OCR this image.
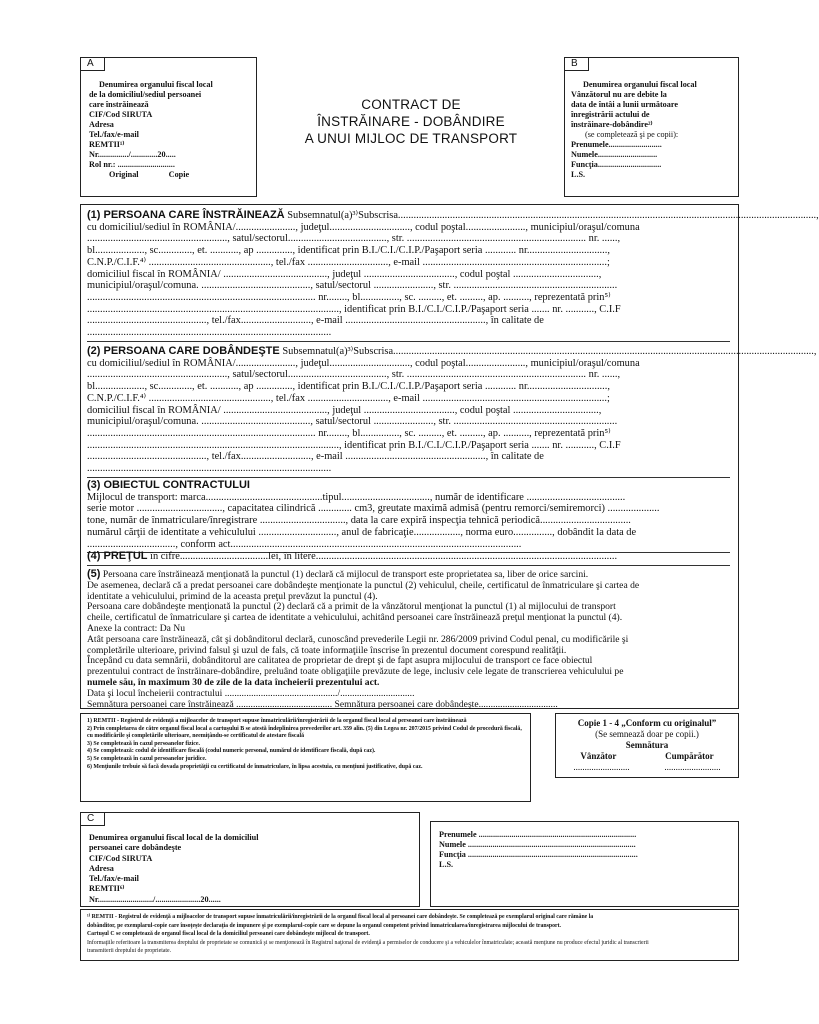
A
Denumirea organului fiscal local
de la domiciliul/sediul persoanei
care înstrăinează
CIF/Cod SIRUTA
Adresa
Tel./fax/e-mail
REMTII¹⁾
Nr.............../.............20.....
Rol nr.: ............................
Original	Copie
CONTRACT DE
ÎNSTRĂINARE - DOBÂNDIRE
A UNUI MIJLOC DE TRANSPORT
B
Denumirea organului fiscal local
Vânzătorul nu are debite la
data de întâi a lunii următoare
înregistrării actului de
înstrăinare-dobândire²⁾
(se completează şi pe copii):
Prenumele..........................
Numele.............................
Funcţia...............................
L.S.
(1) PERSOANA CARE ÎNSTRĂINEAZĂ Subsemnatul(a)³⁾Subscrisa.................................................................................................................................................................,
cu domiciliul/sediul în ROMÂNIA/......................., judeţul..............................., codul poştal......................., municipiul/oraşul/comuna
......................................................, satul/sectorul......................................, str. ..................................................................... nr. ......,
bl..................., sc............., et. ..........., ap .............., identificat prin B.I./C.I./C.I.P./Paşaport seria ............ nr...............................,
C.N.P./C.I.F.⁴⁾ ..............................................., tel./fax ..............................., e-mail .......................................................................;
domiciliul fiscal în ROMÂNIA/ ........................................, judeţul ..................................., codul poştal .................................,
municipiul/oraşul/comuna. .........................................., satul/sectorul ......................., str. ...............................................................
........................................................................................ nr........, bl..............., sc. ........., et. ........., ap. .........., reprezentată prin⁵⁾
................................................................................................., identificat prin B.I./C.I./C.I.P./Paşaport seria ....... nr. ..........., C.I.F
.............................................., tel./fax..........................., e-mail ......................................................, în calitate de
..............................................................................................
(2) PERSOANA CARE DOBÂNDEŞTE Subsemnatul(a)³⁾Subscrisa..................................................................................................................................................................,
cu domiciliul/sediul în ROMÂNIA/......................., judeţul..............................., codul poştal......................., municipiul/oraşul/comuna
......................................................, satul/sectorul......................................, str. ..................................................................... nr. ......,
bl..................., sc............., et. ..........., ap .............., identificat prin B.I./C.I./C.I.P./Paşaport seria ............ nr...............................,
C.N.P./C.I.F.⁴⁾ ..............................................., tel./fax ..............................., e-mail .......................................................................;
domiciliul fiscal în ROMÂNIA/ ........................................, judeţul ..................................., codul poştal .................................,
municipiul/oraşul/comuna. .........................................., satul/sectorul ......................., str. ...............................................................
........................................................................................ nr........, bl..............., sc. ........., et. ........., ap. .........., reprezentată prin⁵⁾
................................................................................................., identificat prin B.I./C.I./C.I.P./Paşaport seria ....... nr. ..........., C.I.F
.............................................., tel./fax..........................., e-mail ......................................................, în calitate de
..............................................................................................
(3) OBIECTUL CONTRACTULUI
Mijlocul de transport: marca.............................................tipul.................................., număr de identificare ......................................
serie motor ................................., capacitatea cilindrică ............. cm3, greutate maximă admisă (pentru remorci/semiremorci) ....................
tone, număr de înmatriculare/înregistrare ................................., data la care expiră inspecţia tehnică periodică...................................
numărul cărţii de identitate a vehiculului .............................., anul de fabricaţie.................., norma euro..............., dobândit la data de
.................................., conform act................................................................................................................
(4) PREŢUL în cifre..................................lei, în litere....................................................................................................................
(5) Persoana care înstrăinează menţionată la punctul (1) declară că mijlocul de transport este proprietatea sa, liber de orice sarcini.
De asemenea, declară că a predat persoanei care dobândeşte menţionate la punctul (2) vehiculul, cheile, certificatul de înmatriculare şi cartea de
identitate a vehiculului, primind de la aceasta preţul prevăzut la punctul (4).
Persoana care dobândeşte menţionată la punctul (2) declară că a primit de la vânzătorul menţionat la punctul (1) al mijlocului de transport
cheile, certificatul de înmatriculare şi cartea de identitate a vehiculului, achitând persoanei care înstrăinează preţul menţionat la punctul (4).
Anexe la contract: Da Nu
Atât persoana care înstrăinează, cât şi dobânditorul declară, cunoscând prevederile Legii nr. 286/2009 privind Codul penal, cu modificările şi
completările ulterioare, privind falsul şi uzul de fals, că toate informaţiile înscrise în prezentul document corespund realităţii.
Începând cu data semnării, dobânditorul are calitatea de proprietar de drept şi de fapt asupra mijlocului de transport ce face obiectul
prezentului contract de înstrăinare-dobândire, preluând toate obligaţiile prevăzute de lege, inclusiv cele legate de transcrierea vehiculului pe
numele său, în maximum 30 de zile de la data încheierii prezentului act.
Data şi locul încheierii contractului .............................................../...............................
Semnătura persoanei care înstrăinează ........................................ Semnătura persoanei care dobândeşte.................................
1) REMTII - Registrul de evidenţă a mijloacelor de transport supuse înmatriculării/înregistrării de la organul fiscal local al persoanei care înstrăinează
2) Prin completarea de către organul fiscal local a cartuşului B se atestă îndeplinirea prevederilor art. 359 alin. (5) din Legea nr. 207/2015 privind Codul de procedură fiscală, cu modificările şi completările ulterioare, neemiţându-se certificatul de atestare fiscală
3) Se completează în cazul persoanelor fizice.
4) Se completează: codul de identificare fiscală (codul numeric personal, numărul de identificare fiscală, după caz).
5) Se completează în cazul persoanelor juridice.
6) Menţiunile trebuie să facă dovada proprietăţii cu certificatul de înmatriculare, în lipsa acestuia, cu mențiuni justificative, după caz.
Copie 1 - 4 „Conform cu originalul”
(Se semnează doar pe copii.)
Semnătura
Vânzător	Cumpărător
.........................	.........................
C
Denumirea organului fiscal local de la domiciliul
persoanei care dobândeşte
CIF/Cod SIRUTA
Adresa
Tel./fax/e-mail
REMTII⁶⁾
Nr.........................../......................20......
Prenumele .............................................................................
Numele ..................................................................................
Funcţia ...................................................................................
L.S.
¹⁾ REMTII - Registrul de evidenţă a mijloacelor de transport supuse înmatriculării/înregistrării de la organul fiscal local al persoanei care dobândeşte. Se completează pe exemplarul original care rămâne la
dobânditor, pe exemplarul-copie care însoţeşte declaraţia de impunere şi pe exemplarul-copie care se depune la organul competent privind înmatricularea/înregistrarea mijlocului de transport.
Cartuşul C se completează de organul fiscal local de la domiciliul persoanei care dobândeşte mijlocul de transport.
Informaţiile referitoare la transmiterea dreptului de proprietate se comunică şi se menţionează în Registrul naţional de evidenţă a permiselor de conducere şi a vehiculelor înmatriculate; această menţiune nu produce efectul juridic al transcrierii
transmiterii dreptului de proprietate.
